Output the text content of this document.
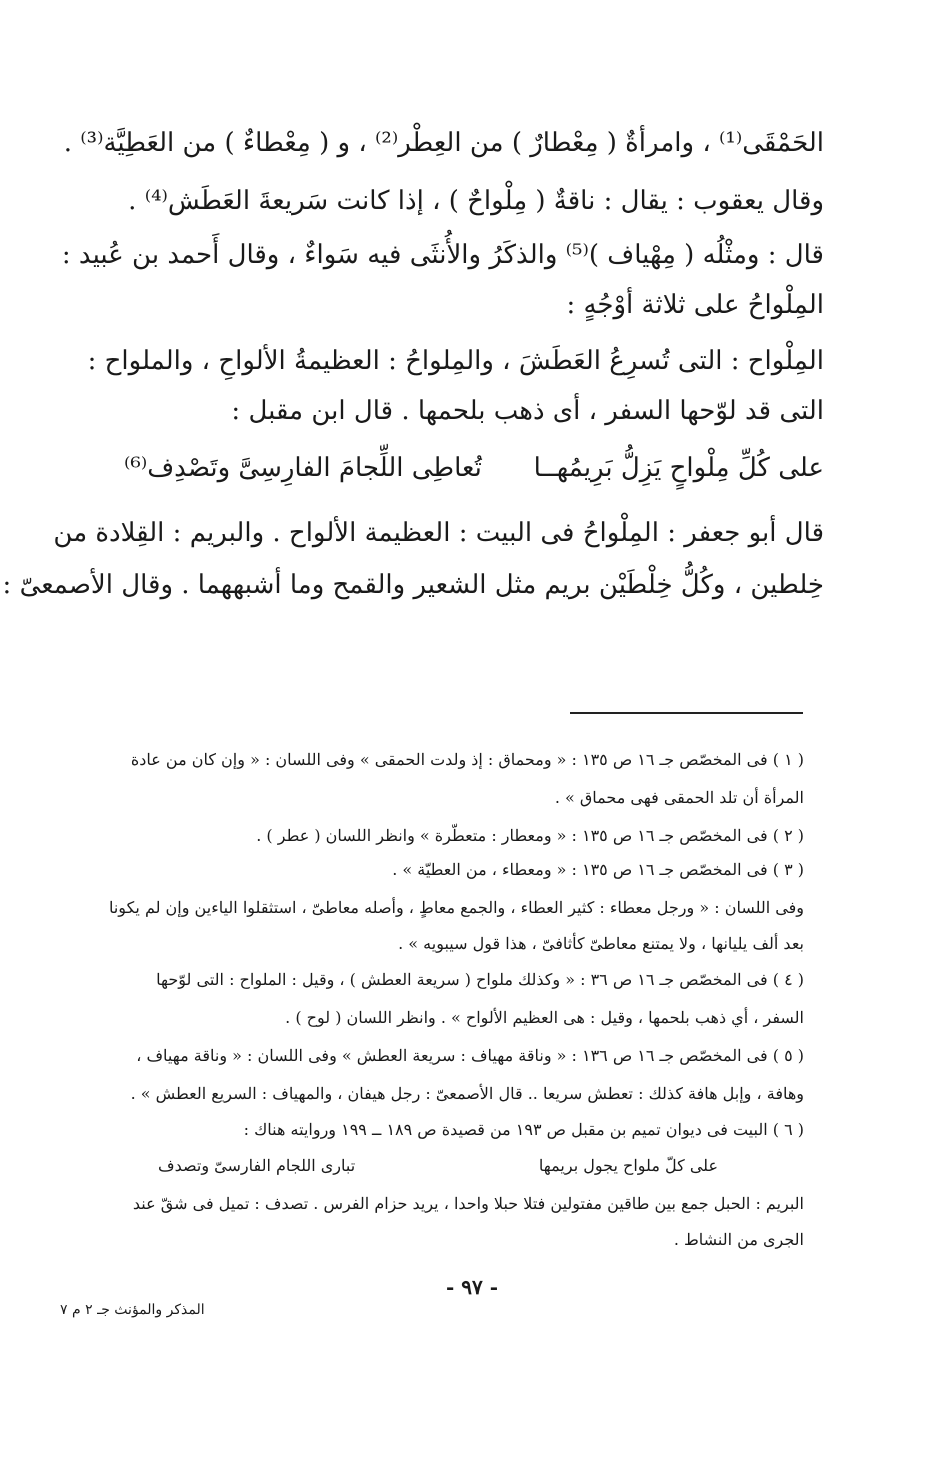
الحَمْقَى⁽¹⁾ ، وامرأةٌ ( مِعْطارٌ ) من العِطْر⁽²⁾ ، و ( مِعْطاءٌ ) من العَطِيَّة⁽³⁾ .
وقال يعقوب : يقال : ناقةٌ ( مِلْواحٌ ) ، إذا كانت سَريعةَ العَطَش⁽⁴⁾ .
قال : ومثْلُه ( مِهْياف )⁽⁵⁾ والذكَرُ والأُنثَى فيه سَواءٌ ، وقال أَحمد بن عُبيد :
المِلْواحُ على ثلاثة أوْجُهٍ :
المِلْواح : التى تُسرِعُ العَطَشَ ، والمِلواحُ : العظيمةُ الألواحِ ، والملواح :
التى قد لوّحها السفر ، أى ذهب بلحمها . قال ابن مقبل :
على كُلِّ مِلْواحٍ يَزِلُّ بَرِيمُهــا
تُعاطِى اللِّجامَ الفارِسِىَّ وتَصْدِف⁽⁶⁾
قال أبو جعفر : المِلْواحُ فى البيت : العظيمة الألواح . والبريم : القِلادة من
خِلطين ، وكُلُّ خِلْطَيْن بريم مثل الشعير والقمح وما أشبههما . وقال الأصمعىّ :
( ١ ) فى المخصّص جـ ١٦ ص ١٣٥ : « ومحماق : إذ ولدت الحمقى » وفى اللسان : « وإن كان من عادة
المرأة أن تلد الحمقى فهى محماق » .
( ٢ ) فى المخصّص جـ ١٦ ص ١٣٥ : « ومعطار : متعطّرة » وانظر اللسان ( عطر ) .
( ٣ ) فى المخصّص جـ ١٦ ص ١٣٥ : « ومعطاء ، من العطيّة » .
وفى اللسان : « ورجل معطاء : كثير العطاء ، والجمع معاطٍ ، وأصله معاطىّ ، استثقلوا الياءين وإن لم يكونا
بعد ألف يليانها ، ولا يمتنع معاطىّ كأثافىّ ، هذا قول سيبويه » .
( ٤ ) فى المخصّص جـ ١٦ ص ٣٦ : « وكذلك ملواح ( سريعة العطش ) ، وقيل : الملواح : التى لوّحها
السفر ، أي ذهب بلحمها ، وقيل : هى العظيم الألواح » . وانظر اللسان ( لوح ) .
( ٥ ) فى المخصّص جـ ١٦ ص ١٣٦ : « وناقة مهياف : سريعة العطش » وفى اللسان : « وناقة مهياف ،
وهافة ، وإبل هافة كذلك : تعطش سريعا .. قال الأصمعىّ : رجل هيفان ، والمهياف : السريع العطش » .
( ٦ ) البيت فى ديوان تميم بن مقبل ص ١٩٣ من قصيدة ص ١٨٩ ــ ١٩٩ وروايته هناك :
على كلّ ملواح يجول بريمها
تبارى اللجام الفارسىّ وتصدف
البريم : الحبل جمع بين طاقين مفتولين فتلا حبلا واحدا ، يريد حزام الفرس . تصدف : تميل فى شقّ عند
الجرى من النشاط .
- ٩٧ -
المذكر والمؤنث جـ ٢ م ٧
